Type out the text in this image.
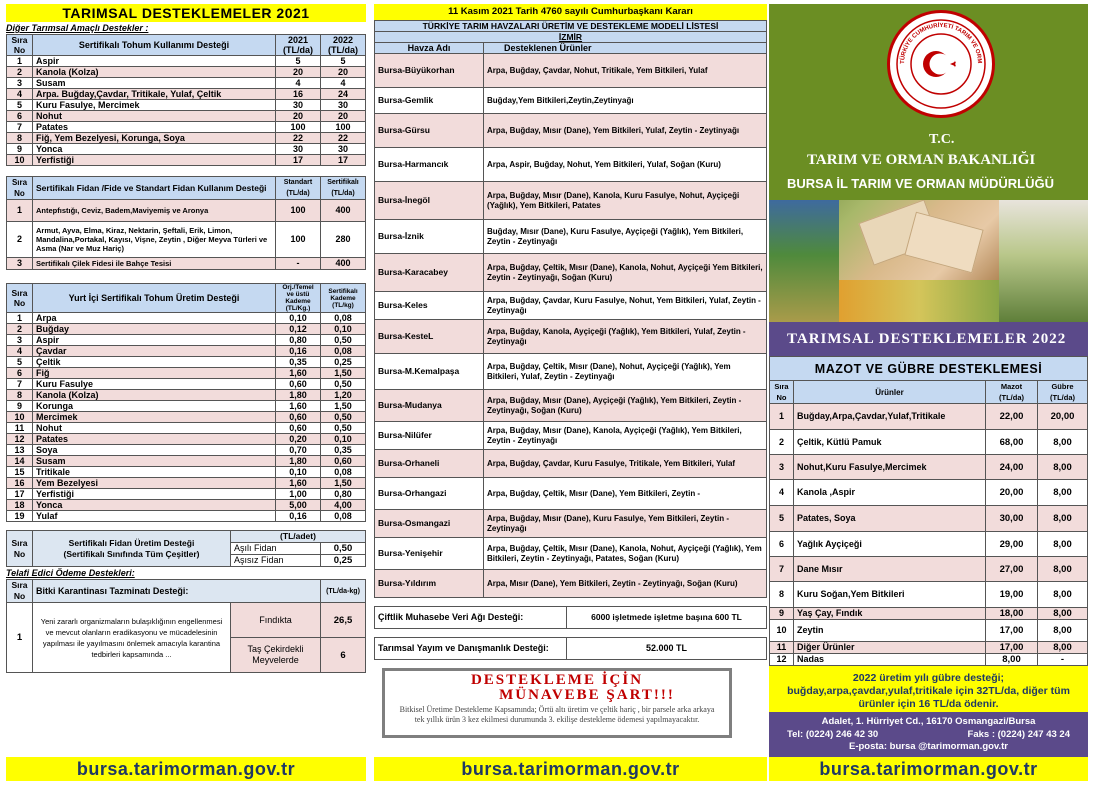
TARIMSAL DESTEKLEMELER 2021
Diğer Tarımsal Amaçlı Destekler :
Sıra No	Sertifikalı Tohum Kullanımı Desteği	2021 (TL/da)	2022 (TL/da)
1	Aspir	5	5
2	Kanola (Kolza)	20	20
3	Susam	4	4
4	Arpa. Buğday,Çavdar, Tritikale, Yulaf, Çeltik	16	24
5	Kuru Fasulye, Mercimek	30	30
6	Nohut	20	20
7	Patates	100	100
8	Fiğ, Yem Bezelyesi, Korunga, Soya	22	22
9	Yonca	30	30
10	Yerfistiği	17	17
Sıra No	Sertifikalı Fidan /Fide ve Standart Fidan Kullanım Desteği	Standart (TL/da)	Sertifikalı (TL/da)
1	Antepfıstığı, Ceviz, Badem,Maviyemiş ve Aronya	100	400
2	Armut, Ayva, Elma, Kiraz, Nektarin, Şeftali, Erik, Limon, Mandalina,Portakal, Kayısı, Vişne, Zeytin , Diğer Meyva Türleri ve Asma (Nar ve Muz Hariç)	100	280
3	Sertifikalı Çilek Fidesi ile Bahçe Tesisi	-	400
Sıra No	Yurt İçi Sertifikalı Tohum Üretim Desteği	Orj./Temel ve üstü Kademe (TL/Kg.)	Sertifikalı Kademe (TL/kg)
1	Arpa	0,10	0,08
2	Buğday	0,12	0,10
3	Aspir	0,80	0,50
4	Çavdar	0,16	0,08
5	Çeltik	0,35	0,25
6	Fiğ	1,60	1,50
7	Kuru Fasulye	0,60	0,50
8	Kanola (Kolza)	1,80	1,20
9	Korunga	1,60	1,50
10	Mercimek	0,60	0,50
11	Nohut	0,60	0,50
12	Patates	0,20	0,10
13	Soya	0,70	0,35
14	Susam	1,80	0,60
15	Tritikale	0,10	0,08
16	Yem Bezelyesi	1,60	1,50
17	Yerfistiği	1,00	0,80
18	Yonca	5,00	4,00
19	Yulaf	0,16	0,08
Sıra No	Sertifikalı Fidan Üretim Desteği
(Sertifikalı Sınıfında Tüm Çeşitler)	(TL/adet)	
		Aşılı Fidan	0,50
		Aşısız Fidan	0,25
Telafi Edici Ödeme Destekleri:
Sıra No	Bitki Karantinası Tazminatı Desteği:		(TL/da-kg)
1	Yeni zararlı organizmaların bulaşıklığının engellenmesi ve mevcut olanların eradikasyonu ve mücadelesinin yapılması ile yayılmasını önlemek amacıyla karantina tedbirleri kapsamında ...	Fındıkta	26,5
		Taş Çekirdekli Meyvelerde	6
bursa.tarimorman.gov.tr
11 Kasım 2021 Tarih 4760 sayılı Cumhurbaşkanı Kararı
TÜRKİYE TARIM HAVZALARI ÜRETİM VE DESTEKLEME MODELİ LİSTESİ	
İZMİR	
Havza Adı	Desteklenen Ürünler
Bursa-Büyükorhan	Arpa, Buğday, Çavdar, Nohut, Tritikale, Yem Bitkileri, Yulaf
Bursa-Gemlik	Buğday,Yem Bitkileri,Zeytin,Zeytinyağı
Bursa-Gürsu	Arpa, Buğday, Mısır (Dane), Yem Bitkileri, Yulaf, Zeytin - Zeytinyağı
Bursa-Harmancık	Arpa, Aspir, Buğday, Nohut, Yem Bitkileri, Yulaf, Soğan (Kuru)
Bursa-İnegöl	Arpa, Buğday, Mısır (Dane), Kanola, Kuru Fasulye, Nohut, Ayçiçeği (Yağlık), Yem Bitkileri, Patates
Bursa-İznik	Buğday, Mısır (Dane), Kuru Fasulye, Ayçiçeği (Yağlık), Yem Bitkileri, Zeytin - Zeytinyağı
Bursa-Karacabey	Arpa, Buğday, Çeltik, Mısır (Dane), Kanola, Nohut, Ayçiçeği Yem Bitkileri, Zeytin - Zeytinyağı, Soğan (Kuru)
Bursa-Keles	Arpa, Buğday, Çavdar, Kuru Fasulye, Nohut, Yem Bitkileri, Yulaf, Zeytin - Zeytinyağı
Bursa-KesteL	Arpa, Buğday, Kanola, Ayçiçeği (Yağlık), Yem Bitkileri, Yulaf, Zeytin - Zeytinyağı
Bursa-M.Kemalpaşa	Arpa, Buğday, Çeltik, Mısır (Dane), Nohut, Ayçiçeği (Yağlık), Yem Bitkileri, Yulaf, Zeytin - Zeytinyağı
Bursa-Mudanya	Arpa, Buğday, Mısır (Dane), Ayçiçeği (Yağlık), Yem Bitkileri, Zeytin - Zeytinyağı, Soğan (Kuru)
Bursa-Nilüfer	Arpa, Buğday, Mısır (Dane), Kanola, Ayçiçeği (Yağlık), Yem Bitkileri, Zeytin - Zeytinyağı
Bursa-Orhaneli	Arpa, Buğday, Çavdar, Kuru Fasulye, Tritikale, Yem Bitkileri, Yulaf
Bursa-Orhangazi	Arpa, Buğday, Çeltik, Mısır (Dane), Yem Bitkileri, Zeytin -
Bursa-Osmangazi	Arpa, Buğday, Mısır (Dane), Kuru Fasulye, Yem Bitkileri, Zeytin - Zeytinyağı
Bursa-Yenişehir	Arpa, Buğday, Çeltik, Mısır (Dane), Kanola, Nohut, Ayçiçeği (Yağlık), Yem Bitkileri, Zeytin - Zeytinyağı, Patates, Soğan (Kuru)
Bursa-Yıldırım	Arpa, Mısır (Dane), Yem Bitkileri, Zeytin - Zeytinyağı, Soğan (Kuru)
Çiftlik Muhasebe Veri Ağı Desteği:	6000 işletmede işletme başına 600 TL
Tarımsal Yayım ve Danışmanlık Desteği:	52.000 TL
DESTEKLEME İÇİN
MÜNAVEBE ŞART!!!
Bitkisel Üretime Destekleme Kapsamında; Örtü altı üretim ve çeltik hariç , bir parsele arka arkaya tek yıllık ürün 3 kez ekilmesi durumunda 3. ekilişe destekleme ödemesi yapılmayacaktır.
bursa.tarimorman.gov.tr
TÜRKİYE CUMHURİYETİ TARIM VE ORM
T.C.
TARIM VE ORMAN BAKANLIĞI
BURSA İL TARIM VE ORMAN MÜDÜRLÜĞÜ
TARIMSAL DESTEKLEMELER 2022
MAZOT VE GÜBRE DESTEKLEMESİ			
Sıra No	Ürünler	Mazot (TL/da)	Gübre (TL/da)
1	Buğday,Arpa,Çavdar,Yulaf,Tritikale	22,00	20,00
2	Çeltik, Kütlü Pamuk	68,00	8,00
3	Nohut,Kuru Fasulye,Mercimek	24,00	8,00
4	Kanola ,Aspir	20,00	8,00
5	Patates, Soya	30,00	8,00
6	Yağlık Ayçiçeği	29,00	8,00
7	Dane Mısır	27,00	8,00
8	Kuru Soğan,Yem Bitkileri	19,00	8,00
9	Yaş Çay, Fındık	18,00	8,00
10	Zeytin	17,00	8,00
11	Diğer Ürünler	17,00	8,00
12	Nadas	8,00	-
2022 üretim yılı gübre desteği; buğday,arpa,çavdar,yulaf,tritikale için 32TL/da, diğer tüm ürünler için 16 TL/da ödenir.
Adalet, 1. Hürriyet Cd., 16170 Osmangazi/Bursa
Tel: (0224) 246 42 30	Faks : (0224) 247 43 24
E-posta: bursa @tarimorman.gov.tr
bursa.tarimorman.gov.tr
